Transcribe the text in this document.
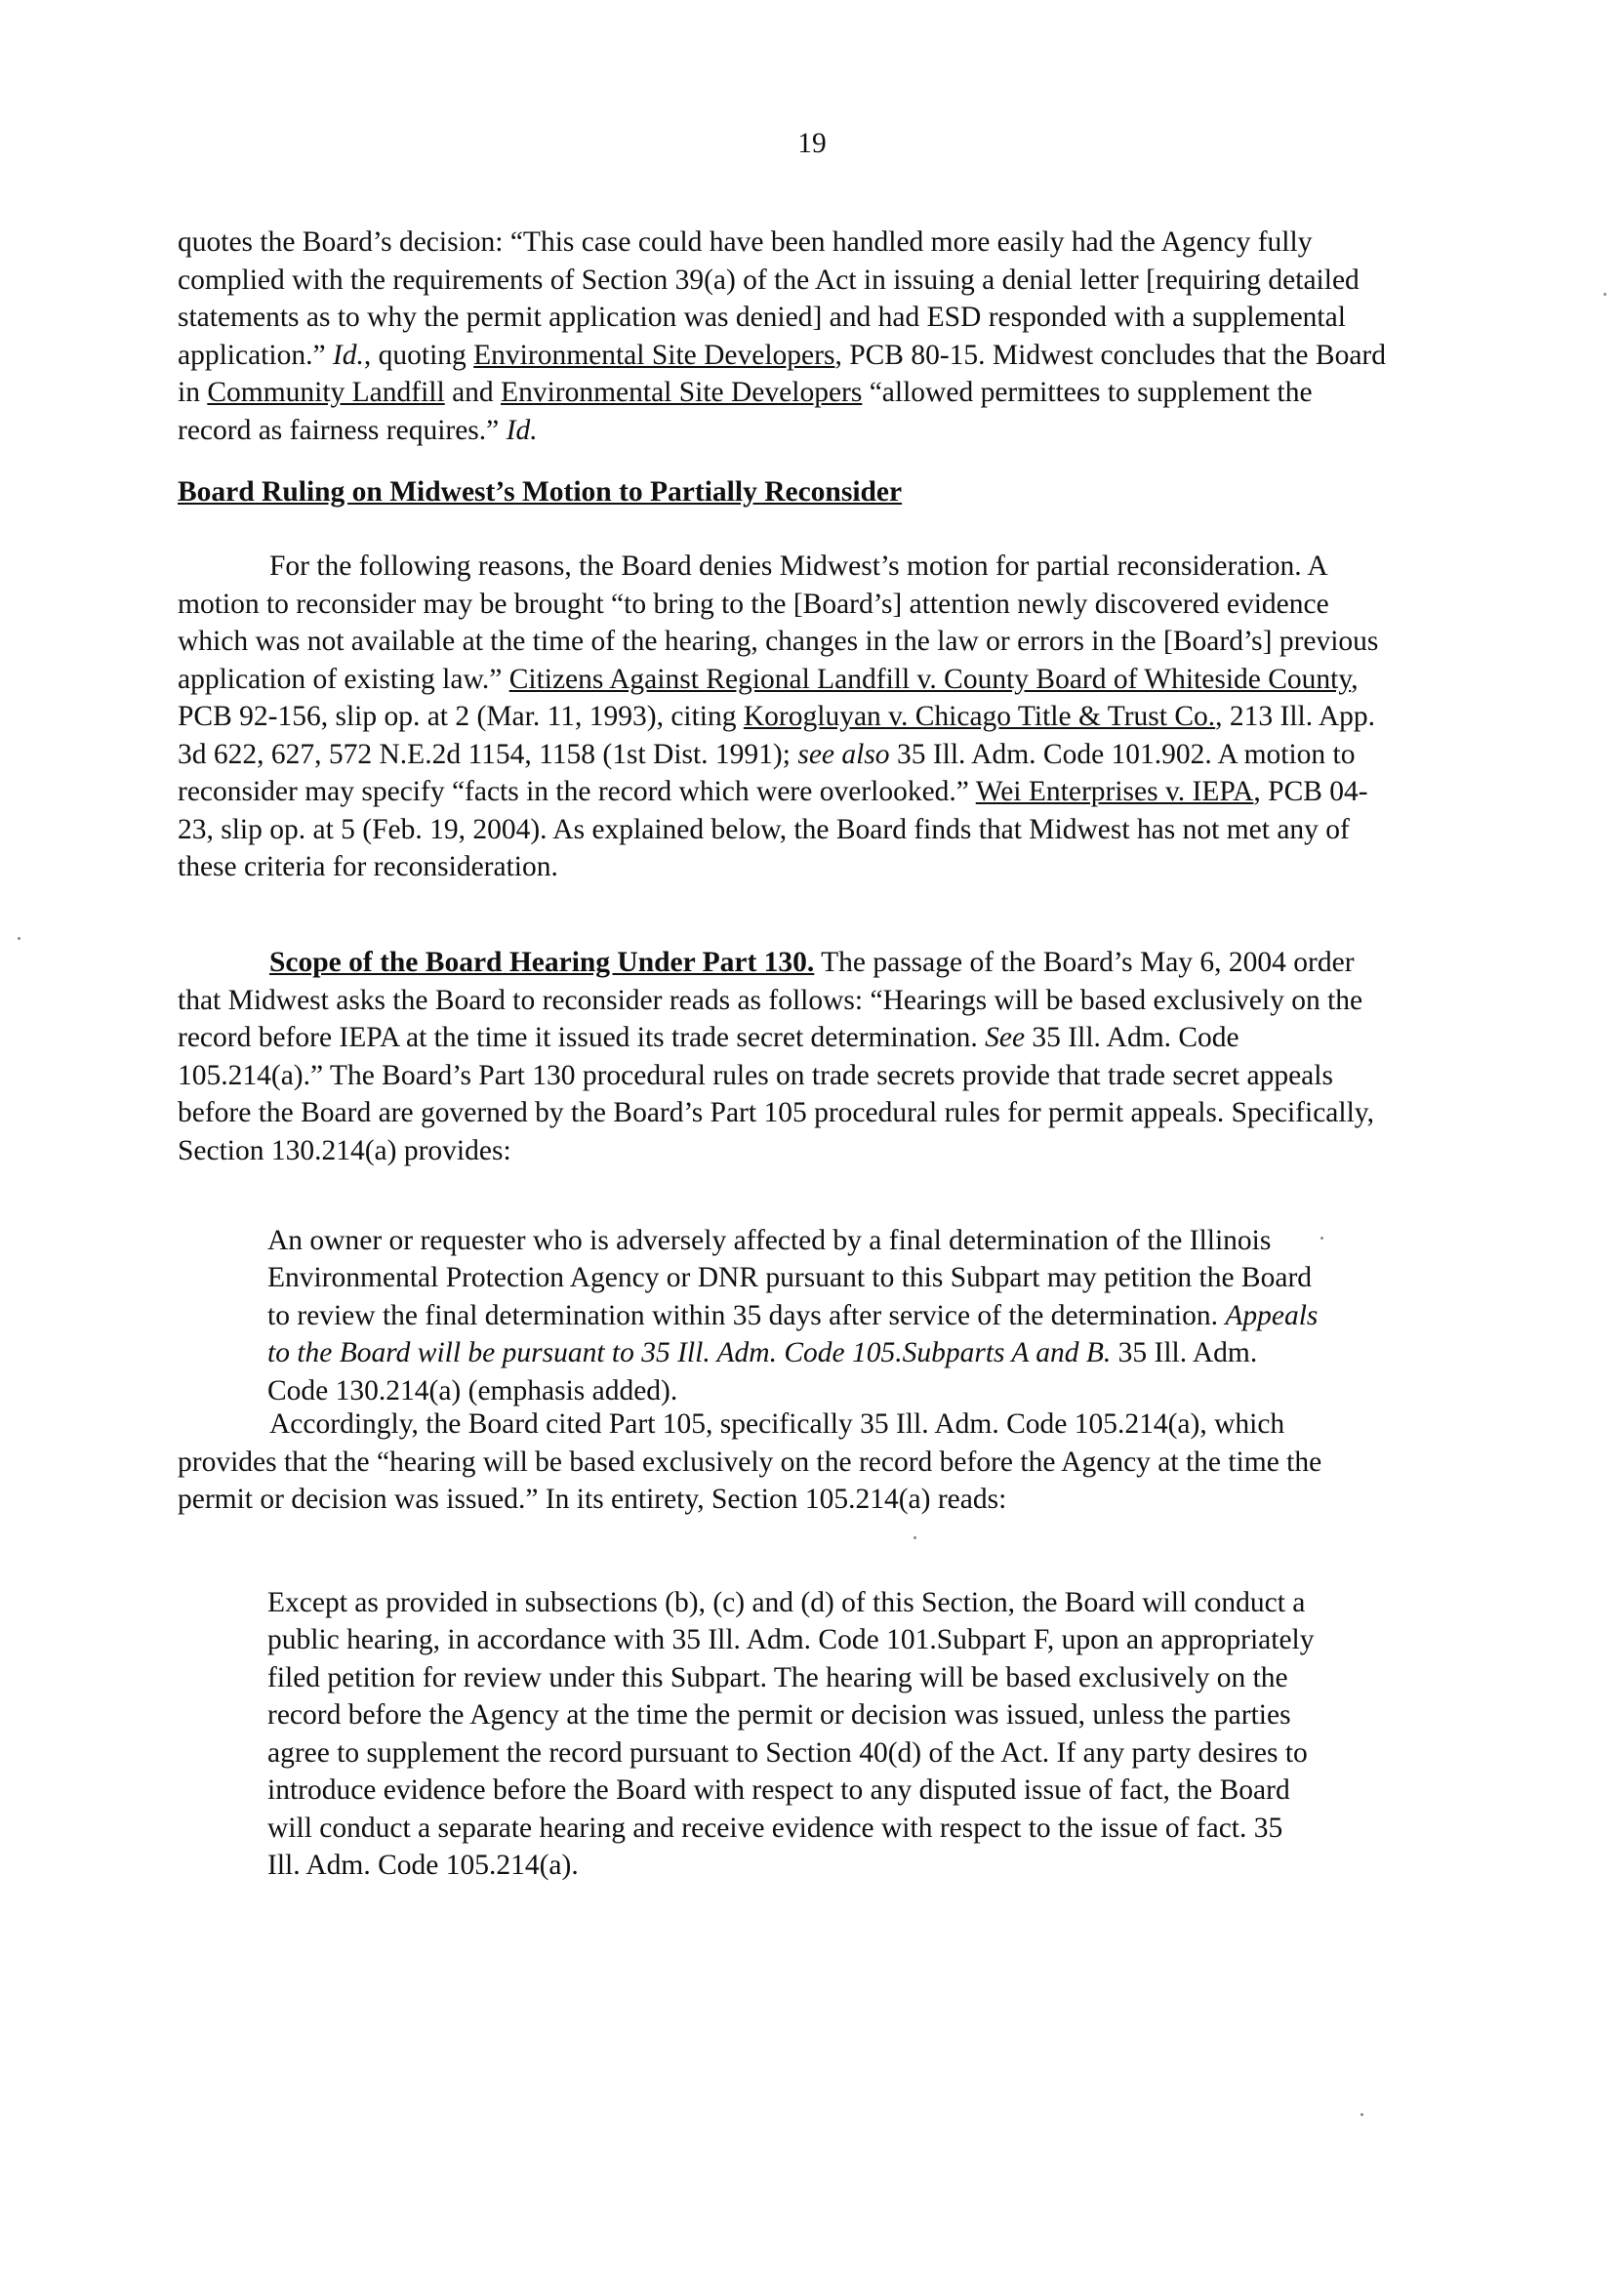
19

quotes the Board’s decision: “This case could have been handled more easily had the Agency fully complied with the requirements of Section 39(a) of the Act in issuing a denial letter [requiring detailed statements as to why the permit application was denied] and had ESD responded with a supplemental application.” Id., quoting Environmental Site Developers, PCB 80-15. Midwest concludes that the Board in Community Landfill and Environmental Site Developers “allowed permittees to supplement the record as fairness requires.” Id.

Board Ruling on Midwest’s Motion to Partially Reconsider

For the following reasons, the Board denies Midwest’s motion for partial reconsideration. A motion to reconsider may be brought “to bring to the [Board’s] attention newly discovered evidence which was not available at the time of the hearing, changes in the law or errors in the [Board’s] previous application of existing law.” Citizens Against Regional Landfill v. County Board of Whiteside County, PCB 92-156, slip op. at 2 (Mar. 11, 1993), citing Korogluyan v. Chicago Title & Trust Co., 213 Ill. App. 3d 622, 627, 572 N.E.2d 1154, 1158 (1st Dist. 1991); see also 35 Ill. Adm. Code 101.902. A motion to reconsider may specify “facts in the record which were overlooked.” Wei Enterprises v. IEPA, PCB 04-23, slip op. at 5 (Feb. 19, 2004). As explained below, the Board finds that Midwest has not met any of these criteria for reconsideration.

Scope of the Board Hearing Under Part 130. The passage of the Board’s May 6, 2004 order that Midwest asks the Board to reconsider reads as follows: “Hearings will be based exclusively on the record before IEPA at the time it issued its trade secret determination. See 35 Ill. Adm. Code 105.214(a).” The Board’s Part 130 procedural rules on trade secrets provide that trade secret appeals before the Board are governed by the Board’s Part 105 procedural rules for permit appeals. Specifically, Section 130.214(a) provides:

An owner or requester who is adversely affected by a final determination of the Illinois Environmental Protection Agency or DNR pursuant to this Subpart may petition the Board to review the final determination within 35 days after service of the determination. Appeals to the Board will be pursuant to 35 Ill. Adm. Code 105.Subparts A and B. 35 Ill. Adm. Code 130.214(a) (emphasis added).

Accordingly, the Board cited Part 105, specifically 35 Ill. Adm. Code 105.214(a), which provides that the “hearing will be based exclusively on the record before the Agency at the time the permit or decision was issued.” In its entirety, Section 105.214(a) reads:

Except as provided in subsections (b), (c) and (d) of this Section, the Board will conduct a public hearing, in accordance with 35 Ill. Adm. Code 101.Subpart F, upon an appropriately filed petition for review under this Subpart. The hearing will be based exclusively on the record before the Agency at the time the permit or decision was issued, unless the parties agree to supplement the record pursuant to Section 40(d) of the Act. If any party desires to introduce evidence before the Board with respect to any disputed issue of fact, the Board will conduct a separate hearing and receive evidence with respect to the issue of fact. 35 Ill. Adm. Code 105.214(a).
